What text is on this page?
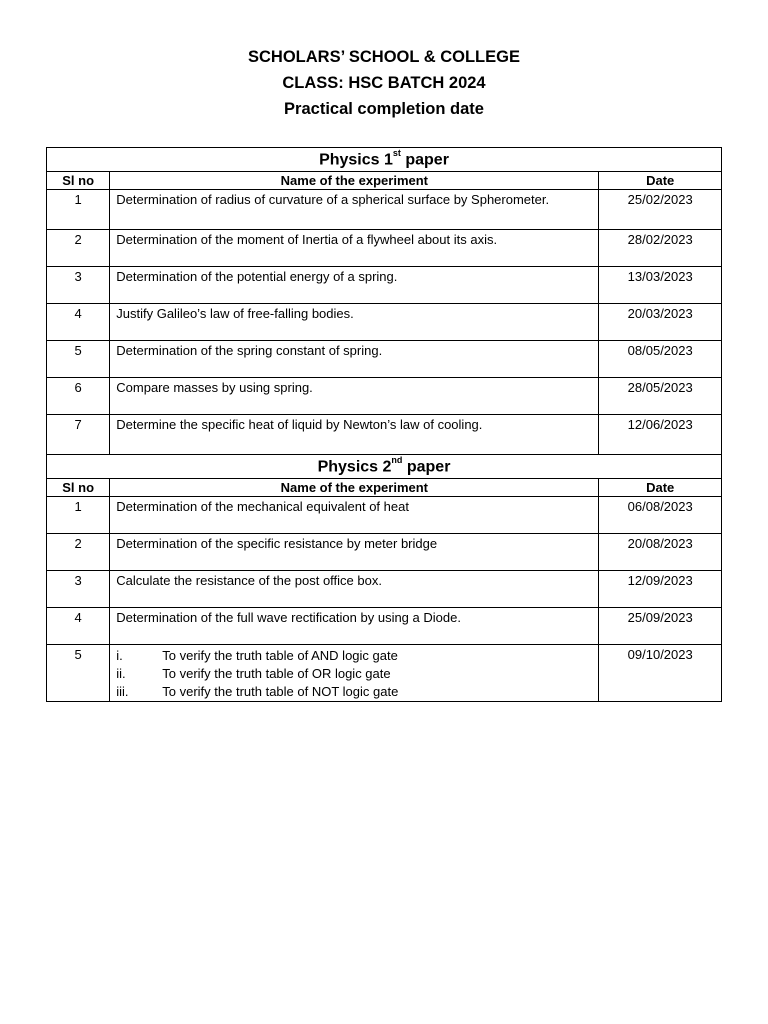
SCHOLARS’ SCHOOL & COLLEGE
CLASS: HSC BATCH 2024
Practical completion date
Physics 1st paper		
Sl no	Name of the experiment	Date
1	Determination of radius of curvature of a spherical surface by Spherometer.	25/02/2023
2	Determination of the moment of Inertia of a flywheel about its axis.	28/02/2023
3	Determination of the potential energy of a spring.	13/03/2023
4	Justify Galileo’s law of free-falling bodies.	20/03/2023
5	Determination of the spring constant of spring.	08/05/2023
6	Compare masses by using spring.	28/05/2023
7	Determine the specific heat of liquid by Newton’s law of cooling.	12/06/2023
Physics 2nd paper		
Sl no	Name of the experiment	Date
1	Determination of the mechanical equivalent of heat	06/08/2023
2	Determination of the specific resistance by meter bridge	20/08/2023
3	Calculate the resistance of the post office box.	12/09/2023
4	Determination of the full wave rectification by using a Diode.	25/09/2023
5	i. To verify the truth table of AND logic gate
ii. To verify the truth table of OR logic gate
iii. To verify the truth table of NOT logic gate	09/10/2023
